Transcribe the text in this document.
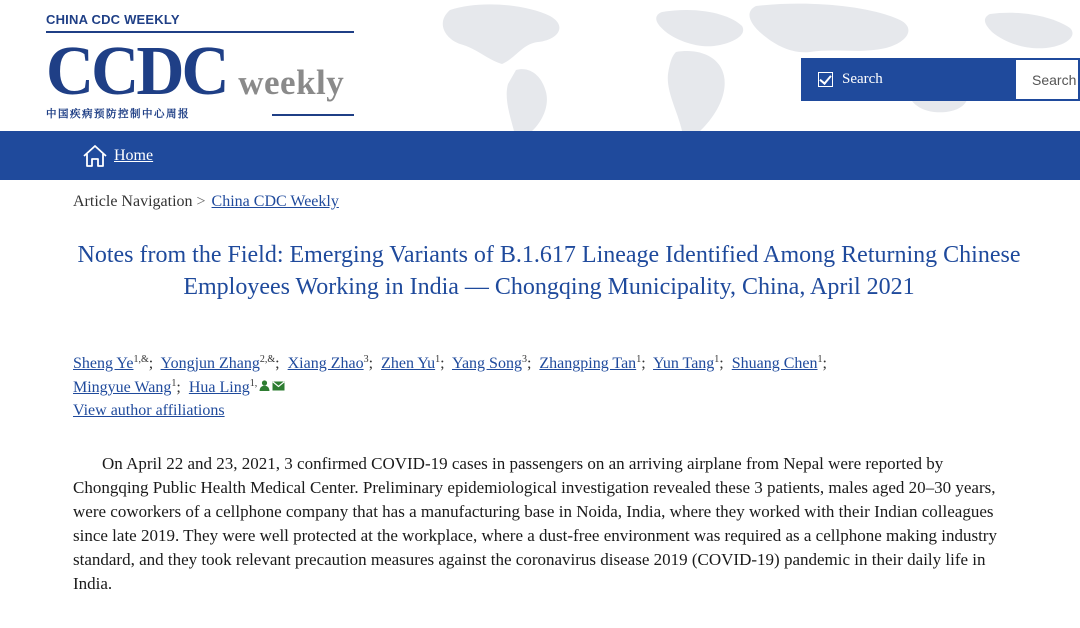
CHINA CDC WEEKLY
CCDC weekly
中国疾病预防控制中心周报
Search
Search
Home
Article Navigation > China CDC Weekly
Notes from the Field: Emerging Variants of B.1.617 Lineage Identified Among Returning Chinese Employees Working in India — Chongqing Municipality, China, April 2021
Sheng $Ye^{1,\&}$; Yongjun Zhang$^{2,\&}$; Xiang Zhao$^3$; Zhen Yu$^1$; Yang Song$^3$; Zhangping Tan$^1$; Yun Tang$^1$; Shuang Chen$^1$;
Mingyue Wang$^1$; Hua Ling$^{1,}$
View author affiliations

On April 22 and 23, 2021, 3 confirmed COVID-19 cases in passengers on an arriving airplane from Nepal were reported by Chongqing Public Health Medical Center. Preliminary epidemiological investigation revealed these 3 patients, males aged 20–30 years, were coworkers of a cellphone company that has a manufacturing base in Noida, India, where they worked with their Indian colleagues since late 2019. They were well protected at the workplace, where a dust-free environment was required as a cellphone making industry standard, and they took relevant precaution measures against the coronavirus disease 2019 (COVID-19) pandemic in their daily life in India.
